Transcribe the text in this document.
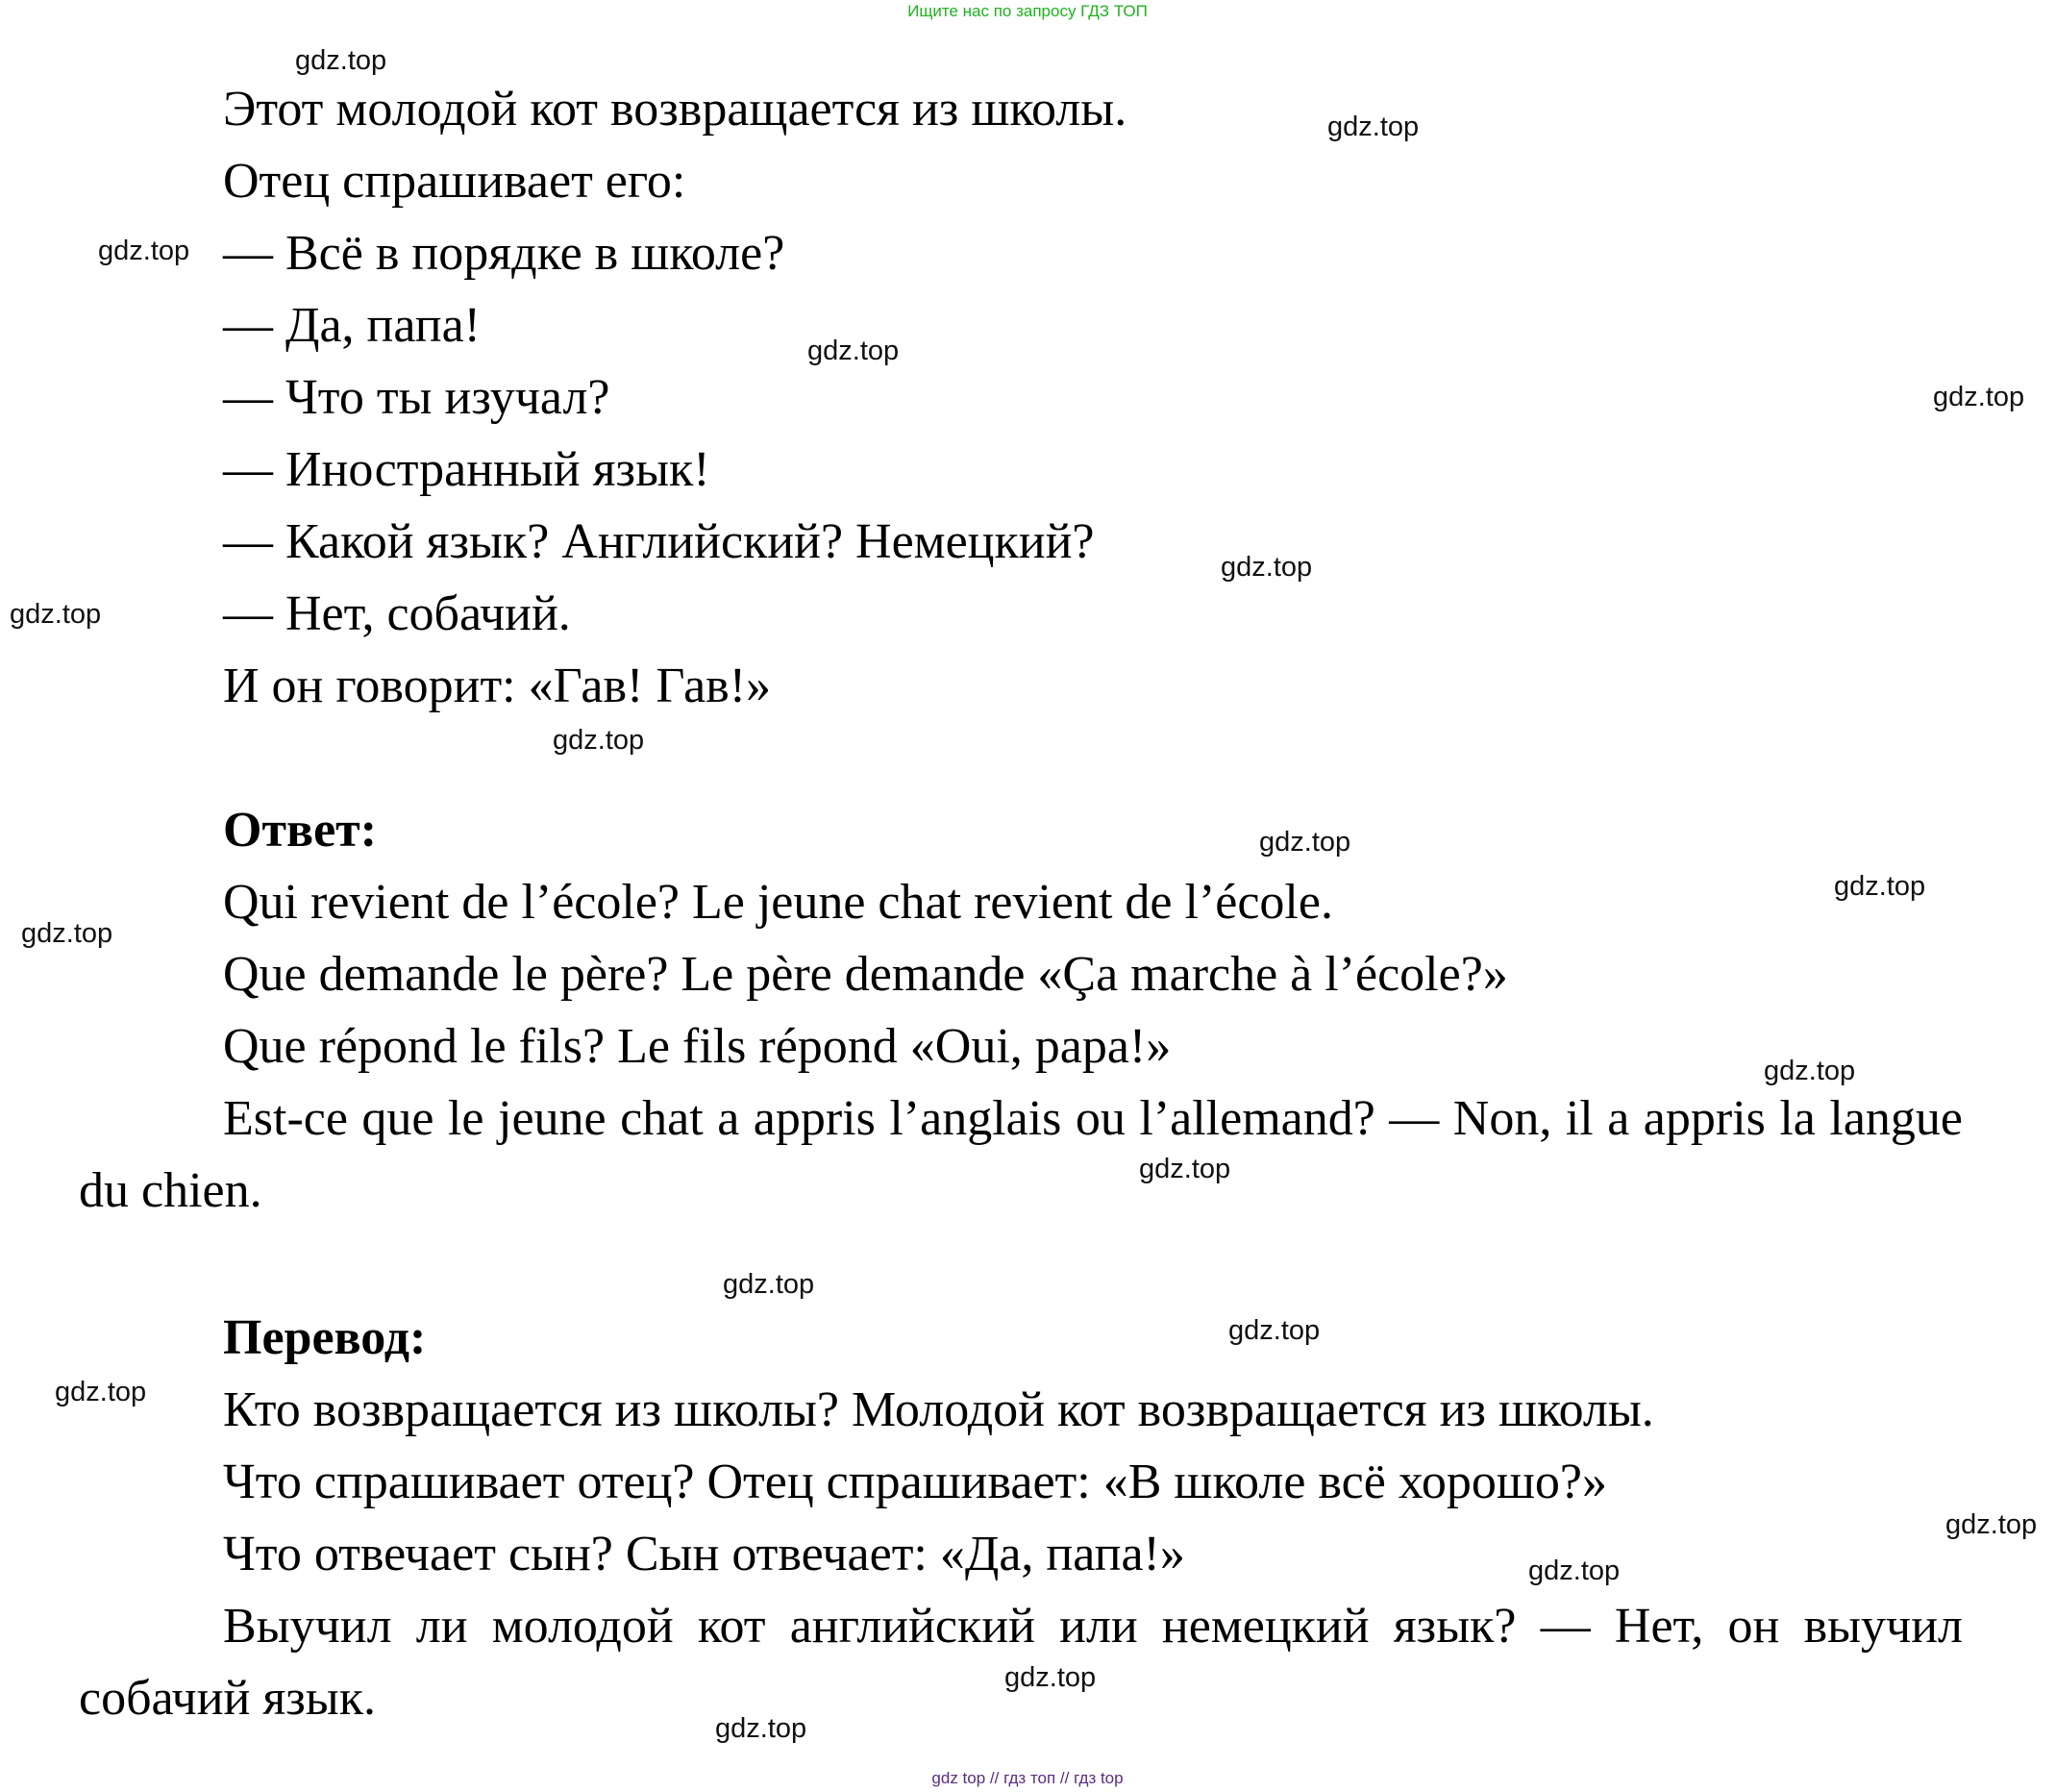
Ищите нас по запросу ГДЗ ТОП
Этот молодой кот возвращается из школы.
Отец спрашивает его:
— Всё в порядке в школе?
— Да, папа!
— Что ты изучал?
— Иностранный язык!
— Какой язык? Английский? Немецкий?
— Нет, собачий.
И он говорит: «Гав! Гав!»
Ответ:
Qui revient de l’école? Le jeune chat revient de l’école.
Que demande le père? Le père demande «Ça marche à l’école?»
Que répond le fils? Le fils répond «Oui, papa!»
Est-ce que le jeune chat a appris l’anglais ou l’allemand? — Non, il a appris la langue du chien.
Перевод:
Кто возвращается из школы? Молодой кот возвращается из школы.
Что спрашивает отец? Отец спрашивает: «В школе всё хорошо?»
Что отвечает сын? Сын отвечает: «Да, папа!»
Выучил ли молодой кот английский или немецкий язык? — Нет, он выучил собачий язык.
gdz.top
gdz.top
gdz.top
gdz.top
gdz.top
gdz.top
gdz.top
gdz.top
gdz.top
gdz.top
gdz.top
gdz.top
gdz.top
gdz.top
gdz.top
gdz.top
gdz.top
gdz.top
gdz.top
gdz.top
gdz top // гдз топ // гдз top
